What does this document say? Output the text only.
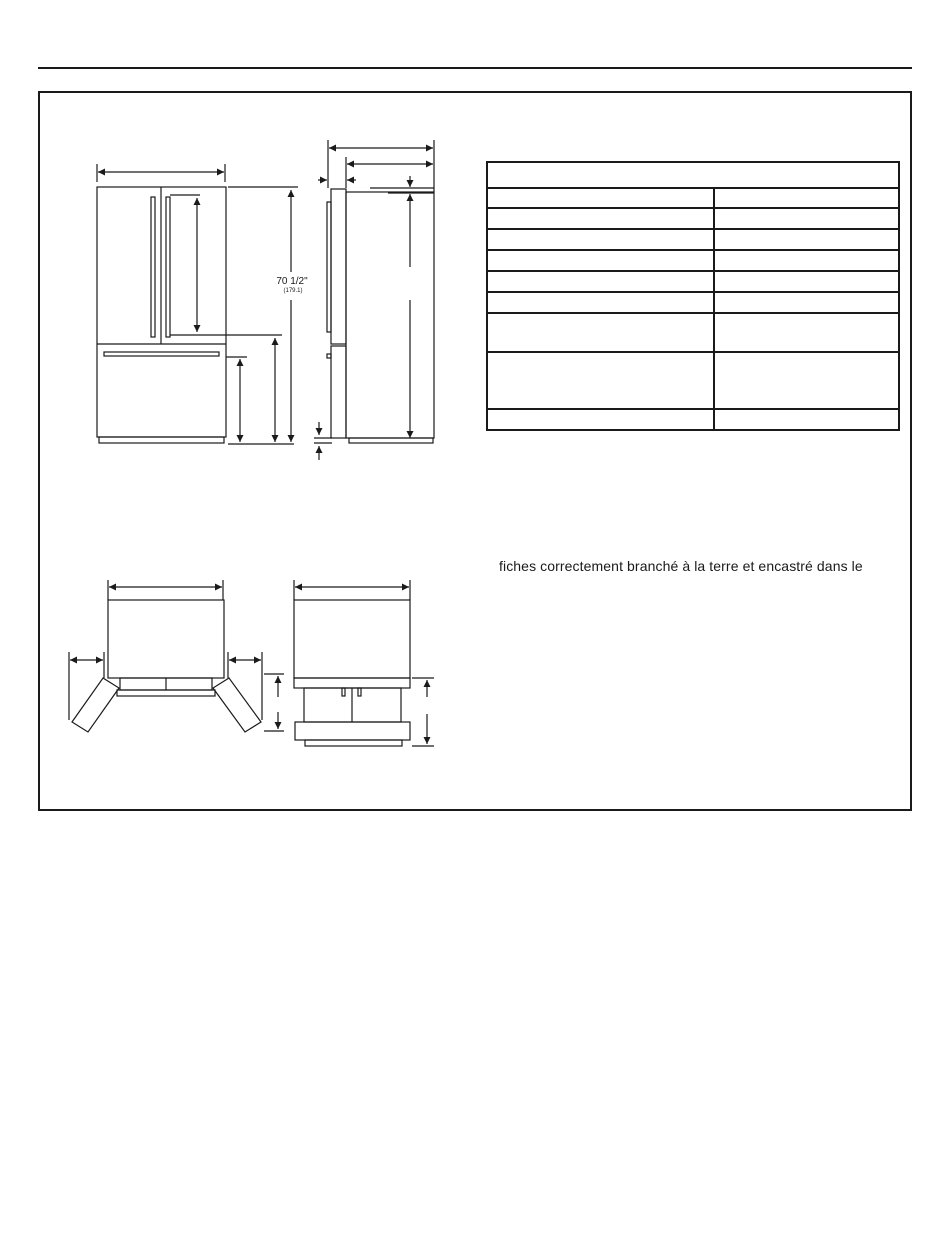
70 1/2"
(179.1)

fiches correctement branché à la terre et encastré dans le
